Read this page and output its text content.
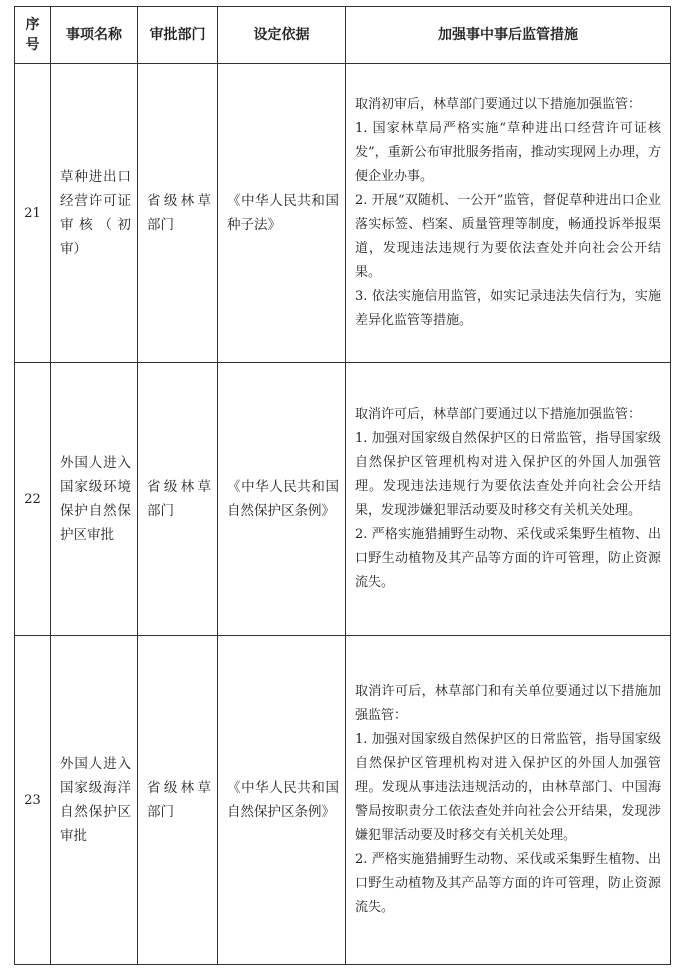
序号	事项名称	审批部门	设定依据	加强事中事后监管措施
21	草种进出口经营许可证审核（初审）	省级林草部门	《中华人民共和国种子法》	取消初审后，林草部门要通过以下措施加强监管：

1. 国家林草局严格实施“草种进出口经营许可证核发”，重新公布审批服务指南，推动实现网上办理，方便企业办事。

2. 开展“双随机、一公开”监管，督促草种进出口企业落实标签、档案、质量管理等制度，畅通投诉举报渠道，发现违法违规行为要依法查处并向社会公开结果。

3. 依法实施信用监管，如实记录违法失信行为，实施差异化监管等措施。

22	外国人进入国家级环境保护自然保护区审批	省级林草部门	《中华人民共和国自然保护区条例》	取消许可后，林草部门要通过以下措施加强监管：

1. 加强对国家级自然保护区的日常监管，指导国家级自然保护区管理机构对进入保护区的外国人加强管理。发现违法违规行为要依法查处并向社会公开结果，发现涉嫌犯罪活动要及时移交有关机关处理。

2. 严格实施猎捕野生动物、采伐或采集野生植物、出口野生动植物及其产品等方面的许可管理，防止资源流失。

23	外国人进入国家级海洋自然保护区审批	省级林草部门	《中华人民共和国自然保护区条例》	取消许可后，林草部门和有关单位要通过以下措施加强监管：

1. 加强对国家级自然保护区的日常监管，指导国家级自然保护区管理机构对进入保护区的外国人加强管理。发现从事违法违规活动的，由林草部门、中国海警局按职责分工依法查处并向社会公开结果，发现涉嫌犯罪活动要及时移交有关机关处理。

2. 严格实施猎捕野生动物、采伐或采集野生植物、出口野生动植物及其产品等方面的许可管理，防止资源流失。
